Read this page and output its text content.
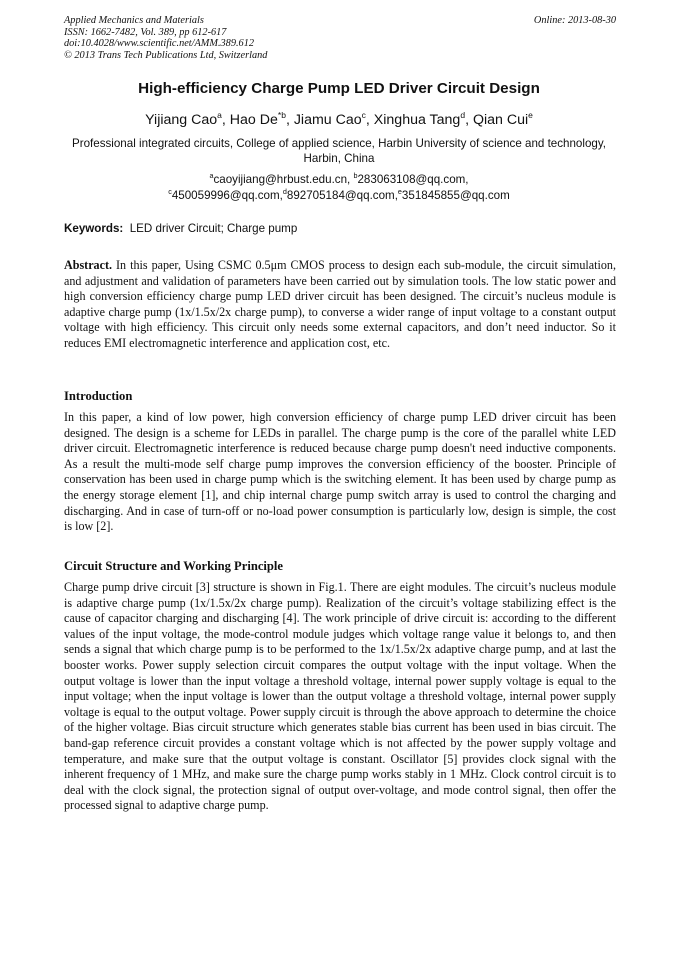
Applied Mechanics and Materials
ISSN: 1662-7482, Vol. 389, pp 612-617
doi:10.4028/www.scientific.net/AMM.389.612
© 2013 Trans Tech Publications Ltd, Switzerland
Online: 2013-08-30
High-efficiency Charge Pump LED Driver Circuit Design
Yijiang Cao$^a$, Hao De$^{*b}$, Jiamu Cao$^c$, Xinghua Tang$^d$, Qian Cui$^e$
Professional integrated circuits, College of applied science, Harbin University of science and technology, Harbin, China
$^a$caoyijiang@hrbust.edu.cn, $^b$283063108@qq.com,
$^c$450059996@qq.com,$^d$892705184@qq.com,$^e$351845855@qq.com
Keywords: LED driver Circuit; Charge pump
Abstract. In this paper, Using CSMC 0.5μm CMOS process to design each sub-module, the circuit simulation, and adjustment and validation of parameters have been carried out by simulation tools. The low static power and high conversion efficiency charge pump LED driver circuit has been designed. The circuit’s nucleus module is adaptive charge pump (1x/1.5x/2x charge pump), to converse a wider range of input voltage to a constant output voltage with high efficiency. This circuit only needs some external capacitors, and don’t need inductor. So it reduces EMI electromagnetic interference and application cost, etc.
Introduction
In this paper, a kind of low power, high conversion efficiency of charge pump LED driver circuit has been designed. The design is a scheme for LEDs in parallel. The charge pump is the core of the parallel white LED driver circuit. Electromagnetic interference is reduced because charge pump doesn't need inductive components. As a result the multi-mode self charge pump improves the conversion efficiency of the booster. Principle of conservation has been used in charge pump which is the switching element. It has been used by charge pump as the energy storage element [1], and chip internal charge pump switch array is used to control the charging and discharging. And in case of turn-off or no-load power consumption is particularly low, design is simple, the cost is low [2].
Circuit Structure and Working Principle
Charge pump drive circuit [3] structure is shown in Fig.1. There are eight modules. The circuit’s nucleus module is adaptive charge pump (1x/1.5x/2x charge pump). Realization of the circuit’s voltage stabilizing effect is the cause of capacitor charging and discharging [4]. The work principle of drive circuit is: according to the different values of the input voltage, the mode-control module judges which voltage range value it belongs to, and then sends a signal that which charge pump is to be performed to the 1x/1.5x/2x adaptive charge pump, and at last the booster works. Power supply selection circuit compares the output voltage with the input voltage. When the output voltage is lower than the input voltage a threshold voltage, internal power supply voltage is equal to the input voltage; when the input voltage is lower than the output voltage a threshold voltage, internal power supply voltage is equal to the output voltage. Power supply circuit is through the above approach to determine the choice of the higher voltage. Bias circuit structure which generates stable bias current has been used in bias circuit. The band-gap reference circuit provides a constant voltage which is not affected by the power supply voltage and temperature, and make sure that the output voltage is constant. Oscillator [5] provides clock signal with the inherent frequency of 1 MHz, and make sure the charge pump works stably in 1 MHz. Clock control circuit is to deal with the clock signal, the protection signal of output over-voltage, and mode control signal, then offer the processed signal to adaptive charge pump.
